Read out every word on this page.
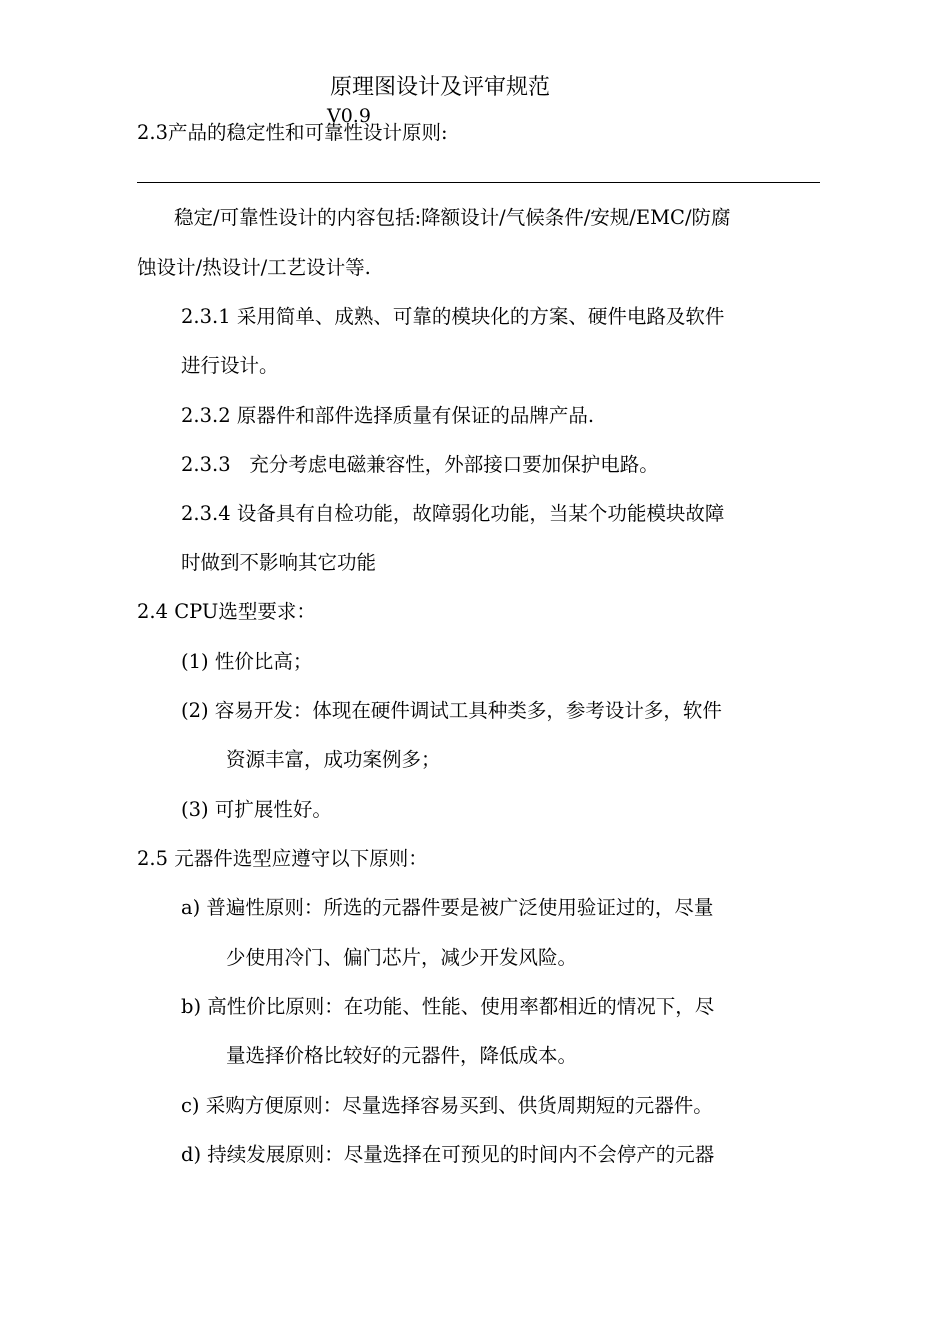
原理图设计及评审规范

V0.9

2.3产品的稳定性和可靠性设计原则:

稳定/可靠性设计的内容包括:降额设计/气候条件/安规/EMC/防腐

蚀设计/热设计/工艺设计等.

2.3.1 采用简单、成熟、可靠的模块化的方案、硬件电路及软件

进行设计。

2.3.2 原器件和部件选择质量有保证的品牌产品.

2.3.3   充分考虑电磁兼容性，外部接口要加保护电路。

2.3.4 设备具有自检功能，故障弱化功能，当某个功能模块故障

时做到不影响其它功能

2.4 CPU选型要求：

(1) 性价比高；

(2) 容易开发：体现在硬件调试工具种类多，参考设计多，软件

资源丰富，成功案例多；

(3) 可扩展性好。

2.5 元器件选型应遵守以下原则：

a) 普遍性原则：所选的元器件要是被广泛使用验证过的，尽量

少使用冷门、偏门芯片，减少开发风险。

b) 高性价比原则：在功能、性能、使用率都相近的情况下，尽

量选择价格比较好的元器件，降低成本。

c) 采购方便原则：尽量选择容易买到、供货周期短的元器件。

d) 持续发展原则：尽量选择在可预见的时间内不会停产的元器
